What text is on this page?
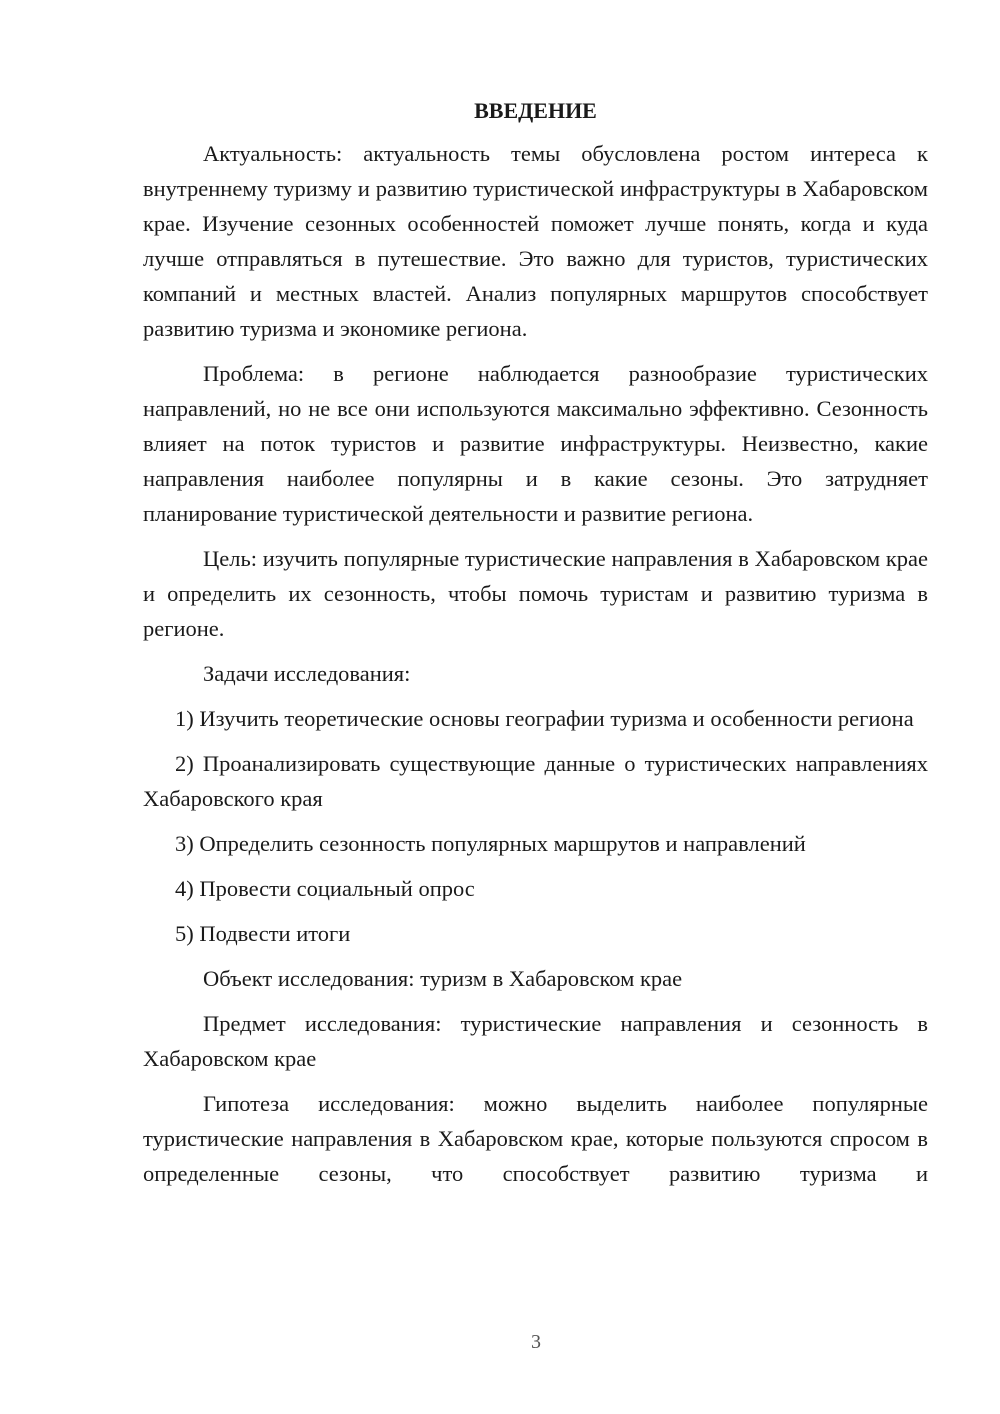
ВВЕДЕНИЕ

Актуальность: актуальность темы обусловлена ростом интереса к внутреннему туризму и развитию туристической инфраструктуры в Хабаровском крае. Изучение сезонных особенностей поможет лучше понять, когда и куда лучше отправляться в путешествие. Это важно для туристов, туристических компаний и местных властей. Анализ популярных маршрутов способствует развитию туризма и экономике региона.

Проблема: в регионе наблюдается разнообразие туристических направлений, но не все они используются максимально эффективно. Сезонность влияет на поток туристов и развитие инфраструктуры. Неизвестно, какие направления наиболее популярны и в какие сезоны. Это затрудняет планирование туристической деятельности и развитие региона.

Цель: изучить популярные туристические направления в Хабаровском крае и определить их сезонность, чтобы помочь туристам и развитию туризма в регионе.

Задачи исследования:

1) Изучить теоретические основы географии туризма и особенности региона

2) Проанализировать существующие данные о туристических направлениях Хабаровского края

3) Определить сезонность популярных маршрутов и направлений

4) Провести социальный опрос

5) Подвести итоги

Объект исследования: туризм в Хабаровском крае

Предмет исследования: туристические направления и сезонность в Хабаровском крае

Гипотеза исследования: можно выделить наиболее популярные туристические направления в Хабаровском крае, которые пользуются спросом в определенные сезоны, что способствует развитию туризма и

3
